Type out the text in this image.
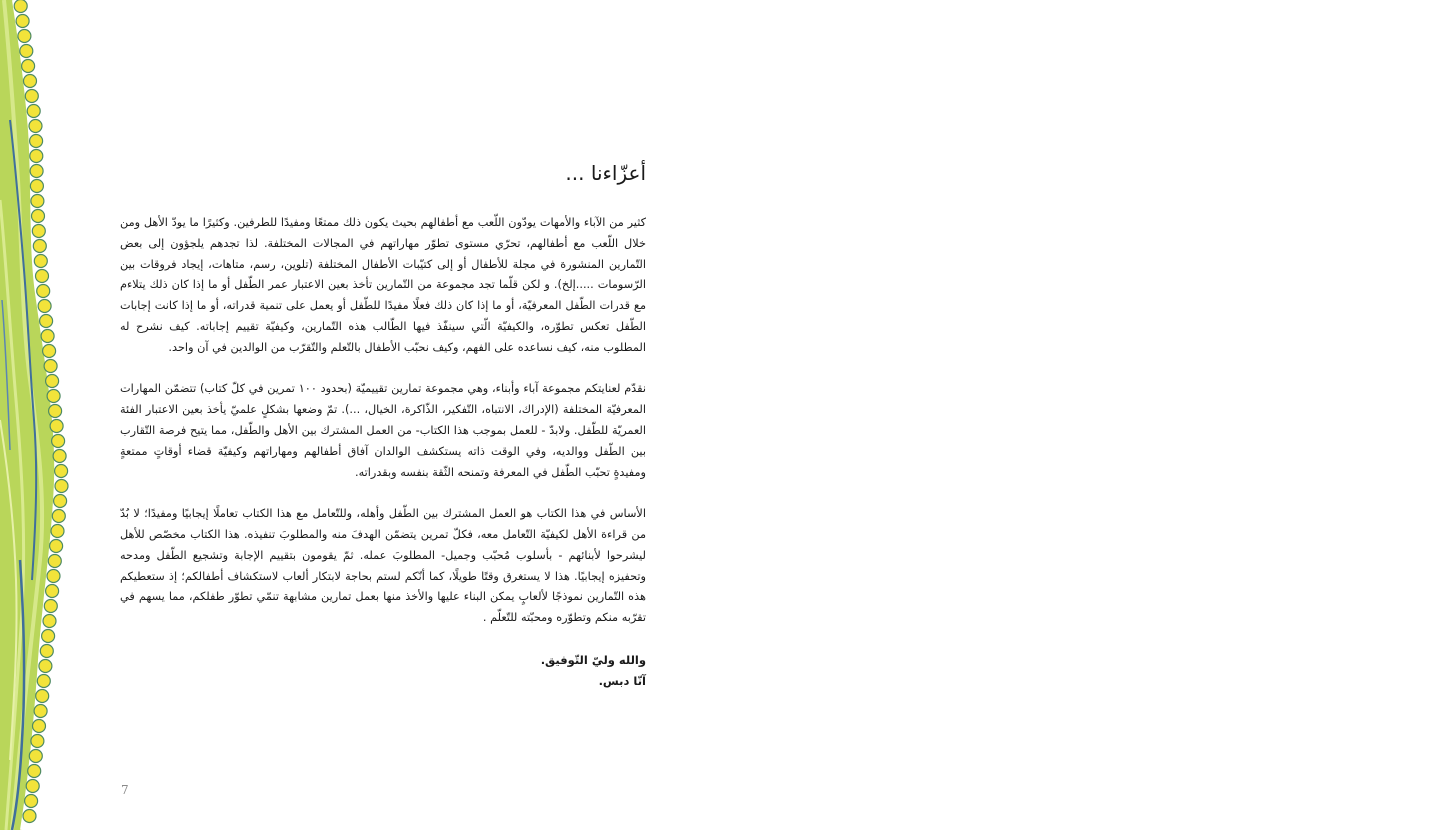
أعزّاءنا ...

كثير من الآباء والأمهات يودّون اللّعب مع أطفالهم بحيث يكون ذلك ممتعًا ومفيدًا للطرفين. وكثيرًا ما يودّ الأهل ومن خلال اللّعب مع أطفالهم، تحرّي مستوى تطوّر مهاراتهم في المجالات المختلفة. لذا تجدهم يلجؤون إلى بعض التّمارين المنشورة في مجلة للأطفال أو إلى كتيّبات الأطفال المختلفة (تلوين، رسم، متاهات، إيجاد فروقات بين الرّسومات .....إلخ). و لكن قلّما تجد مجموعة من التّمارين تأخذ بعين الاعتبار عمر الطّفل أو ما إذا كان ذلك يتلاءم مع قدرات الطّفل المعرفيّة، أو ما إذا كان ذلك فعلًا مفيدًا للطّفل أو يعمل على تنمية قدراته، أو ما إذا كانت إجابات الطّفل تعكس تطوّره، والكيفيّة الّتي سينفّذ فيها الطّالب هذه التّمارين، وكيفيّة تقييم إجاباته. كيف نشرح له المطلوب منه، كيف نساعده على الفهم، وكيف نحبّب الأطفال بالتّعلم والتّقرّب من الوالدين في آن واحد.

نقدّم لعنايتكم مجموعة آباء وأبناء، وهي مجموعة تمارين تقييميّة (بحدود ١٠٠ تمرين في كلّ كتاب) تتضمّن المهارات المعرفيّة المختلفة (الإدراك، الانتباه، التّفكير، الذّاكرة، الخيال، ...). تمّ وضعها بشكلٍ علميّ يأخذ بعين الاعتبار الفئة العمريّة للطّفل. ولابدّ - للعمل بموجب هذا الكتاب- من العمل المشترك بين الأهل والطّفل، مما يتيح فرصة التّقارب بين الطّفل ووالديه، وفي الوقت ذاته يستكشف الوالدان آفاق أطفالهم ومهاراتهم وكيفيّة قضاء أوقاتٍ ممتعةٍ ومفيدةٍ تحبّب الطّفل في المعرفة وتمنحه الثّقة بنفسه وبقدراته.

الأساس في هذا الكتاب هو العمل المشترك بين الطّفل وأهله، وللتّعامل مع هذا الكتاب تعاملًا إيجابيًا ومفيدًا؛ لا بُدّ من قراءة الأهل لكيفيّة التّعامل معه، فكلّ تمرين يتضمّن الهدفَ منه والمطلوبَ تنفيذه. هذا الكتاب مخصّص للأهل ليشرحوا لأبنائهم - بأسلوب مُحبّب وجميل- المطلوبَ عمله. ثمّ يقومون بتقييم الإجابة وتشجيع الطّفل ومدحه وتحفيزه إيجابيًا. هذا لا يستغرق وقتًا طويلًا، كما أنّكم لستم بحاجة لابتكار ألعاب لاستكشاف أطفالكم؛ إذ ستعطيكم هذه التّمارين نموذجًا لألعابٍ يمكن البناء عليها والأخذ منها بعمل تمارين مشابهة تنمّي تطوّر طفلكم، مما يسهم في تقرّبه منكم وتطوّره ومحبّته للتّعلّم .

والله وليّ التّوفيق.

آنّا دبس.

7
